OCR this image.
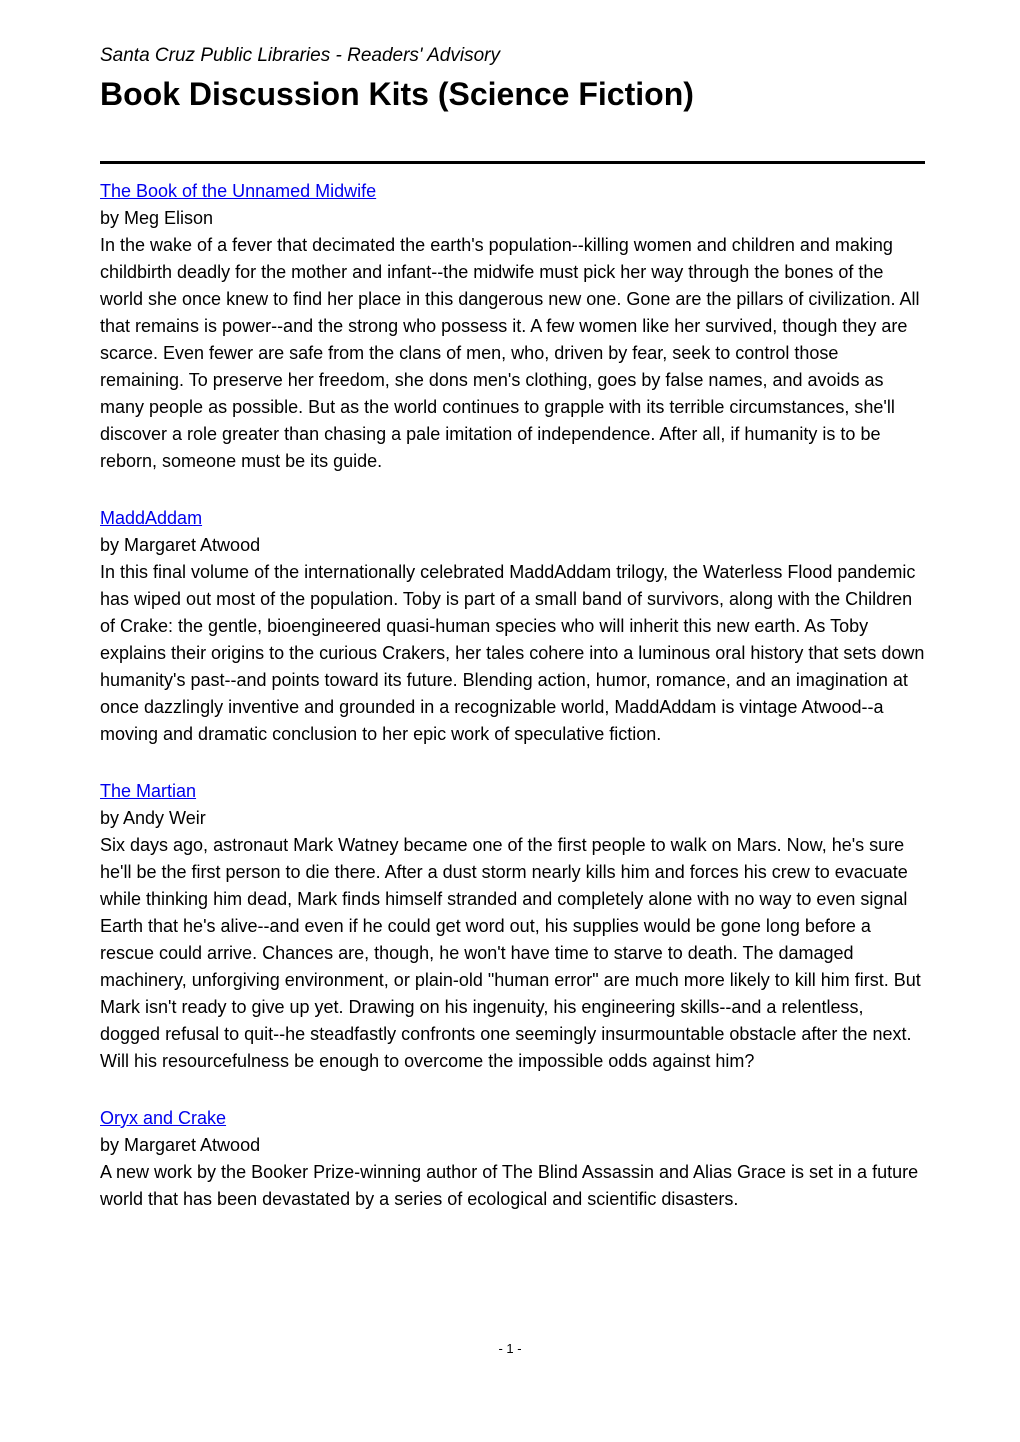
Santa Cruz Public Libraries - Readers' Advisory
Book Discussion Kits (Science Fiction)
The Book of the Unnamed Midwife
by Meg Elison
In the wake of a fever that decimated the earth's population--killing women and children and making childbirth deadly for the mother and infant--the midwife must pick her way through the bones of the world she once knew to find her place in this dangerous new one. Gone are the pillars of civilization. All that remains is power--and the strong who possess it. A few women like her survived, though they are scarce. Even fewer are safe from the clans of men, who, driven by fear, seek to control those remaining. To preserve her freedom, she dons men's clothing, goes by false names, and avoids as many people as possible. But as the world continues to grapple with its terrible circumstances, she'll discover a role greater than chasing a pale imitation of independence. After all, if humanity is to be reborn, someone must be its guide.
MaddAddam
by Margaret Atwood
In this final volume of the internationally celebrated MaddAddam trilogy, the Waterless Flood pandemic has wiped out most of the population. Toby is part of a small band of survivors, along with the Children of Crake: the gentle, bioengineered quasi-human species who will inherit this new earth. As Toby explains their origins to the curious Crakers, her tales cohere into a luminous oral history that sets down humanity's past--and points toward its future. Blending action, humor, romance, and an imagination at once dazzlingly inventive and grounded in a recognizable world, MaddAddam is vintage Atwood--a moving and dramatic conclusion to her epic work of speculative fiction.
The Martian
by Andy Weir
Six days ago, astronaut Mark Watney became one of the first people to walk on Mars. Now, he's sure he'll be the first person to die there. After a dust storm nearly kills him and forces his crew to evacuate while thinking him dead, Mark finds himself stranded and completely alone with no way to even signal Earth that he's alive--and even if he could get word out, his supplies would be gone long before a rescue could arrive. Chances are, though, he won't have time to starve to death. The damaged machinery, unforgiving environment, or plain-old "human error" are much more likely to kill him first. But Mark isn't ready to give up yet. Drawing on his ingenuity, his engineering skills--and a relentless, dogged refusal to quit--he steadfastly confronts one seemingly insurmountable obstacle after the next. Will his resourcefulness be enough to overcome the impossible odds against him?
Oryx and Crake
by Margaret Atwood
A new work by the Booker Prize-winning author of The Blind Assassin and Alias Grace is set in a future world that has been devastated by a series of ecological and scientific disasters.
- 1 -
